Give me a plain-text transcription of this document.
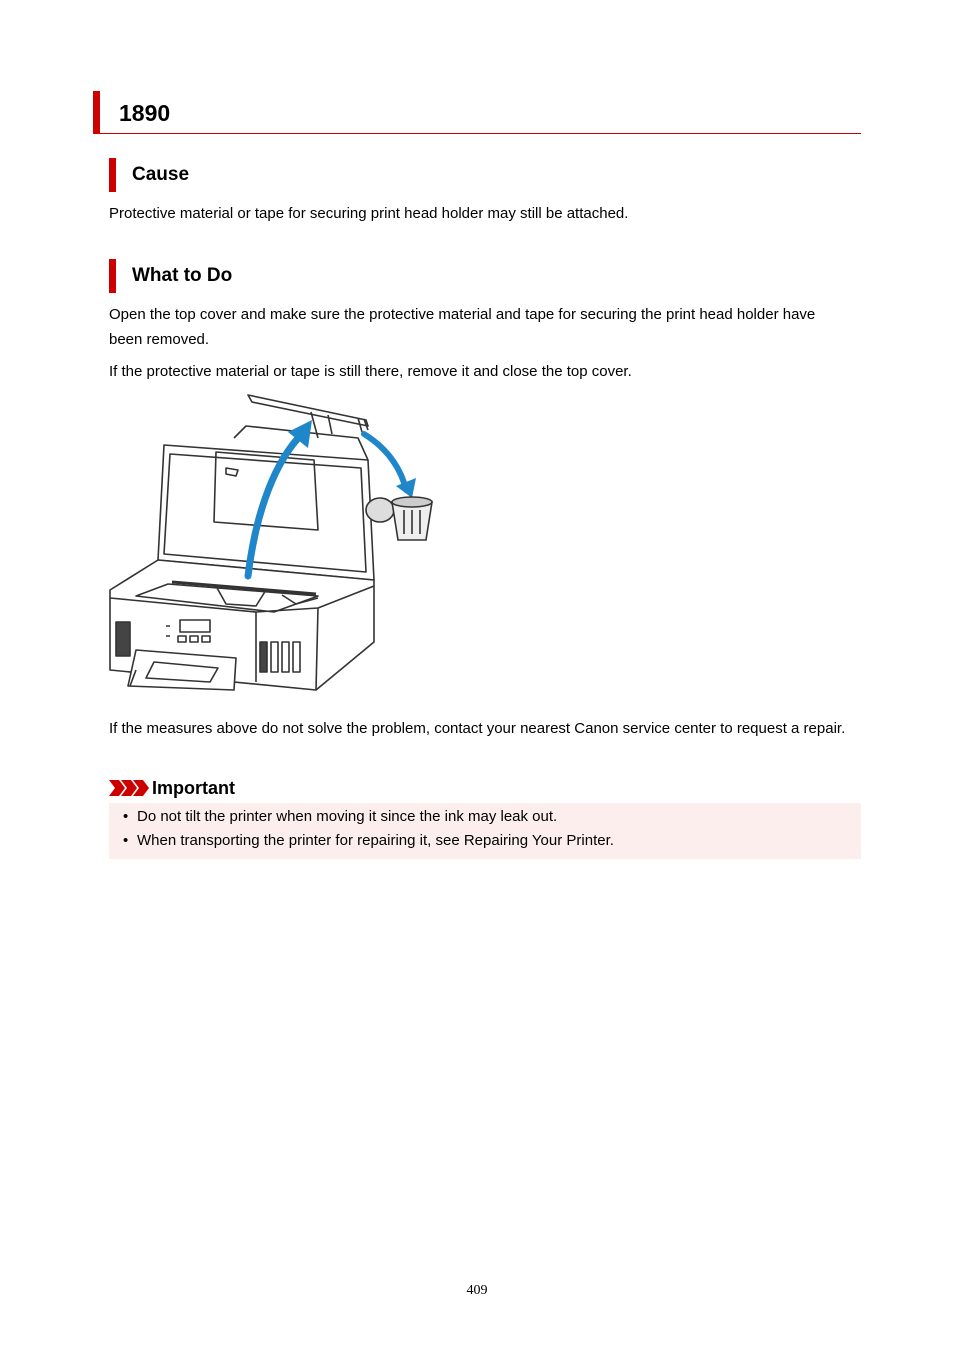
1890
Cause
Protective material or tape for securing print head holder may still be attached.
What to Do
Open the top cover and make sure the protective material and tape for securing the print head holder have been removed.
If the protective material or tape is still there, remove it and close the top cover.
If the measures above do not solve the problem, contact your nearest Canon service center to request a repair.
Important
• Do not tilt the printer when moving it since the ink may leak out.
• When transporting the printer for repairing it, see Repairing Your Printer.
409
